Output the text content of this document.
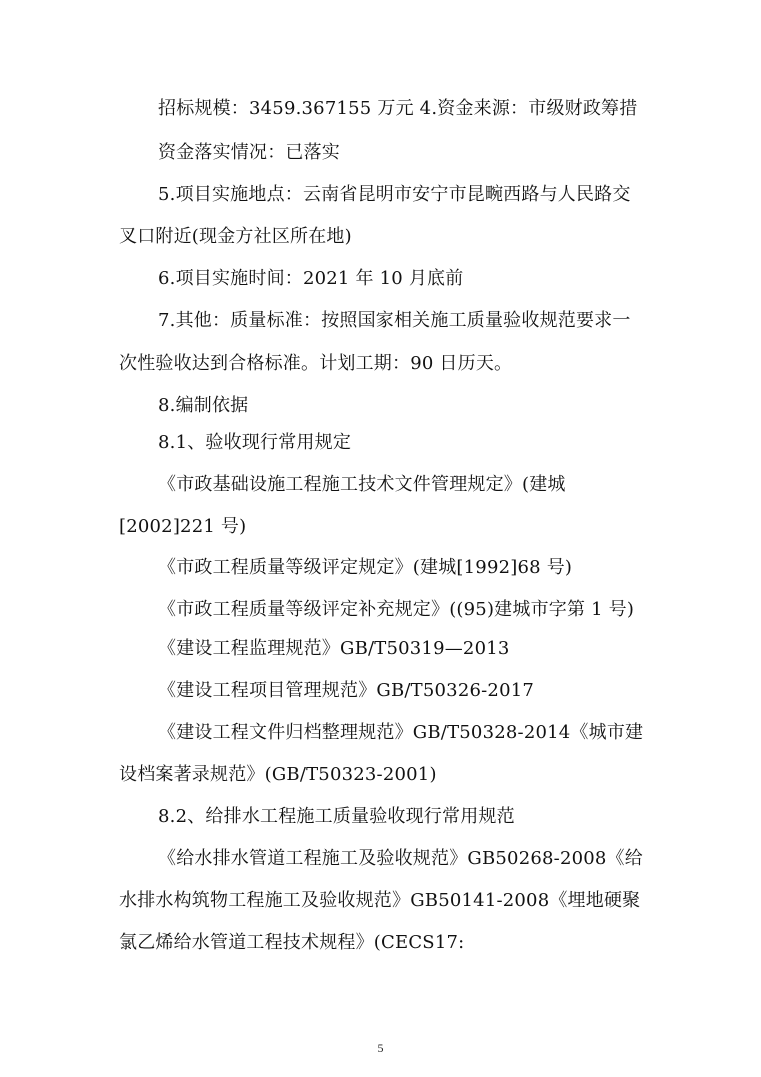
招标规模：3459.367155 万元 4.资金来源：市级财政筹措
资金落实情况：已落实
5.项目实施地点：云南省昆明市安宁市昆畹西路与人民路交
叉口附近(现金方社区所在地)
6.项目实施时间：2021 年 10 月底前
7.其他：质量标准：按照国家相关施工质量验收规范要求一
次性验收达到合格标准。计划工期：90 日历天。
8.编制依据
8.1、验收现行常用规定
《市政基础设施工程施工技术文件管理规定》(建城
[2002]221 号)
《市政工程质量等级评定规定》(建城[1992]68 号)
《市政工程质量等级评定补充规定》((95)建城市字第 1 号)
《建设工程监理规范》GB/T50319—2013
《建设工程项目管理规范》GB/T50326-2017
《建设工程文件归档整理规范》GB/T50328-2014《城市建
设档案著录规范》(GB/T50323-2001)
8.2、给排水工程施工质量验收现行常用规范
《给水排水管道工程施工及验收规范》GB50268-2008《给
水排水构筑物工程施工及验收规范》GB50141-2008《埋地硬聚
氯乙烯给水管道工程技术规程》(CECS17:
5
